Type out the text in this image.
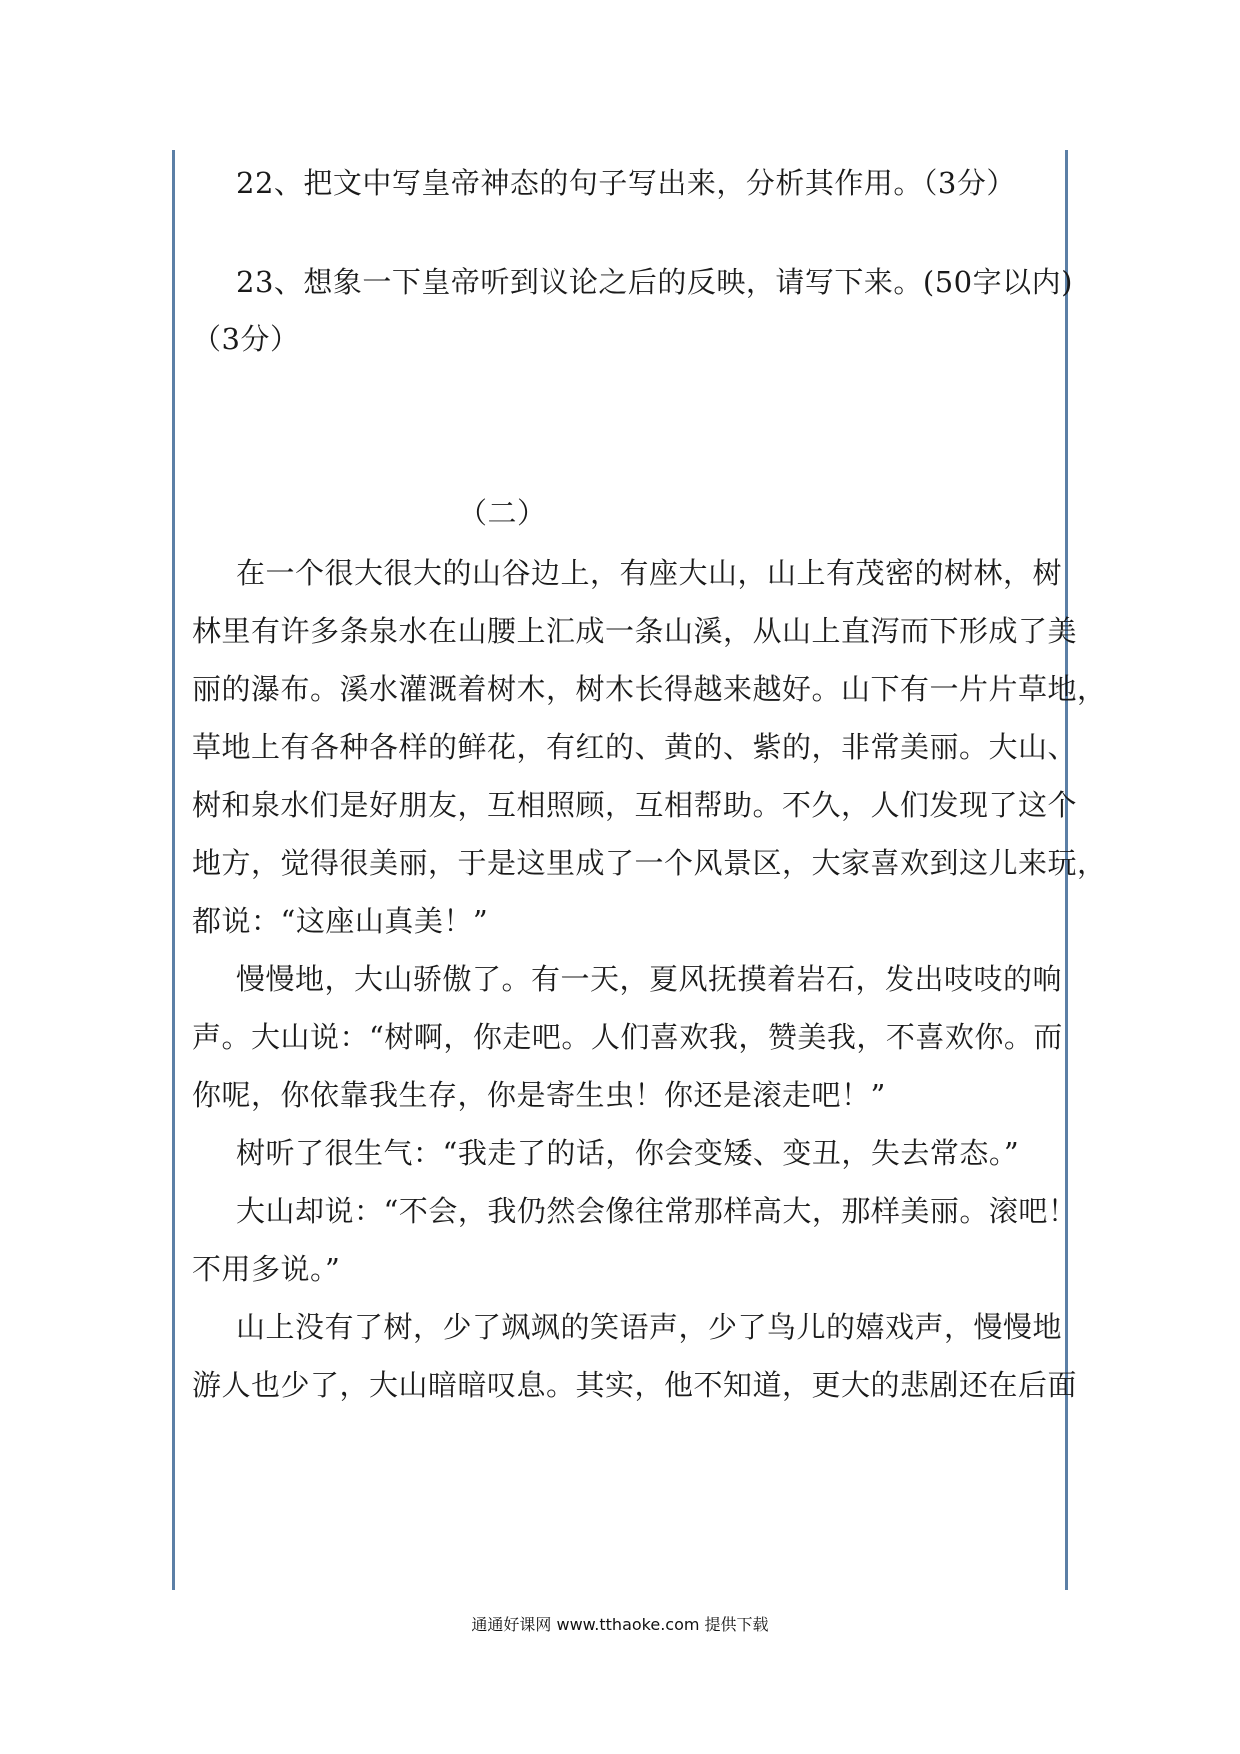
22、把文中写皇帝神态的句子写出来，分析其作用。（3分）
23、想象一下皇帝听到议论之后的反映，请写下来。(50字以内)
（3分）
（二）
在一个很大很大的山谷边上，有座大山，山上有茂密的树林，树
林里有许多条泉水在山腰上汇成一条山溪，从山上直泻而下形成了美
丽的瀑布。溪水灌溉着树木，树木长得越来越好。山下有一片片草地，
草地上有各种各样的鲜花，有红的、黄的、紫的，非常美丽。大山、
树和泉水们是好朋友，互相照顾，互相帮助。不久，人们发现了这个
地方，觉得很美丽，于是这里成了一个风景区，大家喜欢到这儿来玩，
都说：“这座山真美！”
慢慢地，大山骄傲了。有一天，夏风抚摸着岩石，发出吱吱的响
声。大山说：“树啊，你走吧。人们喜欢我，赞美我，不喜欢你。而
你呢，你依靠我生存，你是寄生虫！你还是滚走吧！”
树听了很生气：“我走了的话，你会变矮、变丑，失去常态。”
大山却说：“不会，我仍然会像往常那样高大，那样美丽。滚吧！
不用多说。”
山上没有了树，少了飒飒的笑语声，少了鸟儿的嬉戏声，慢慢地
游人也少了，大山暗暗叹息。其实，他不知道，更大的悲剧还在后面
通通好课网 www.tthaoke.com 提供下载
